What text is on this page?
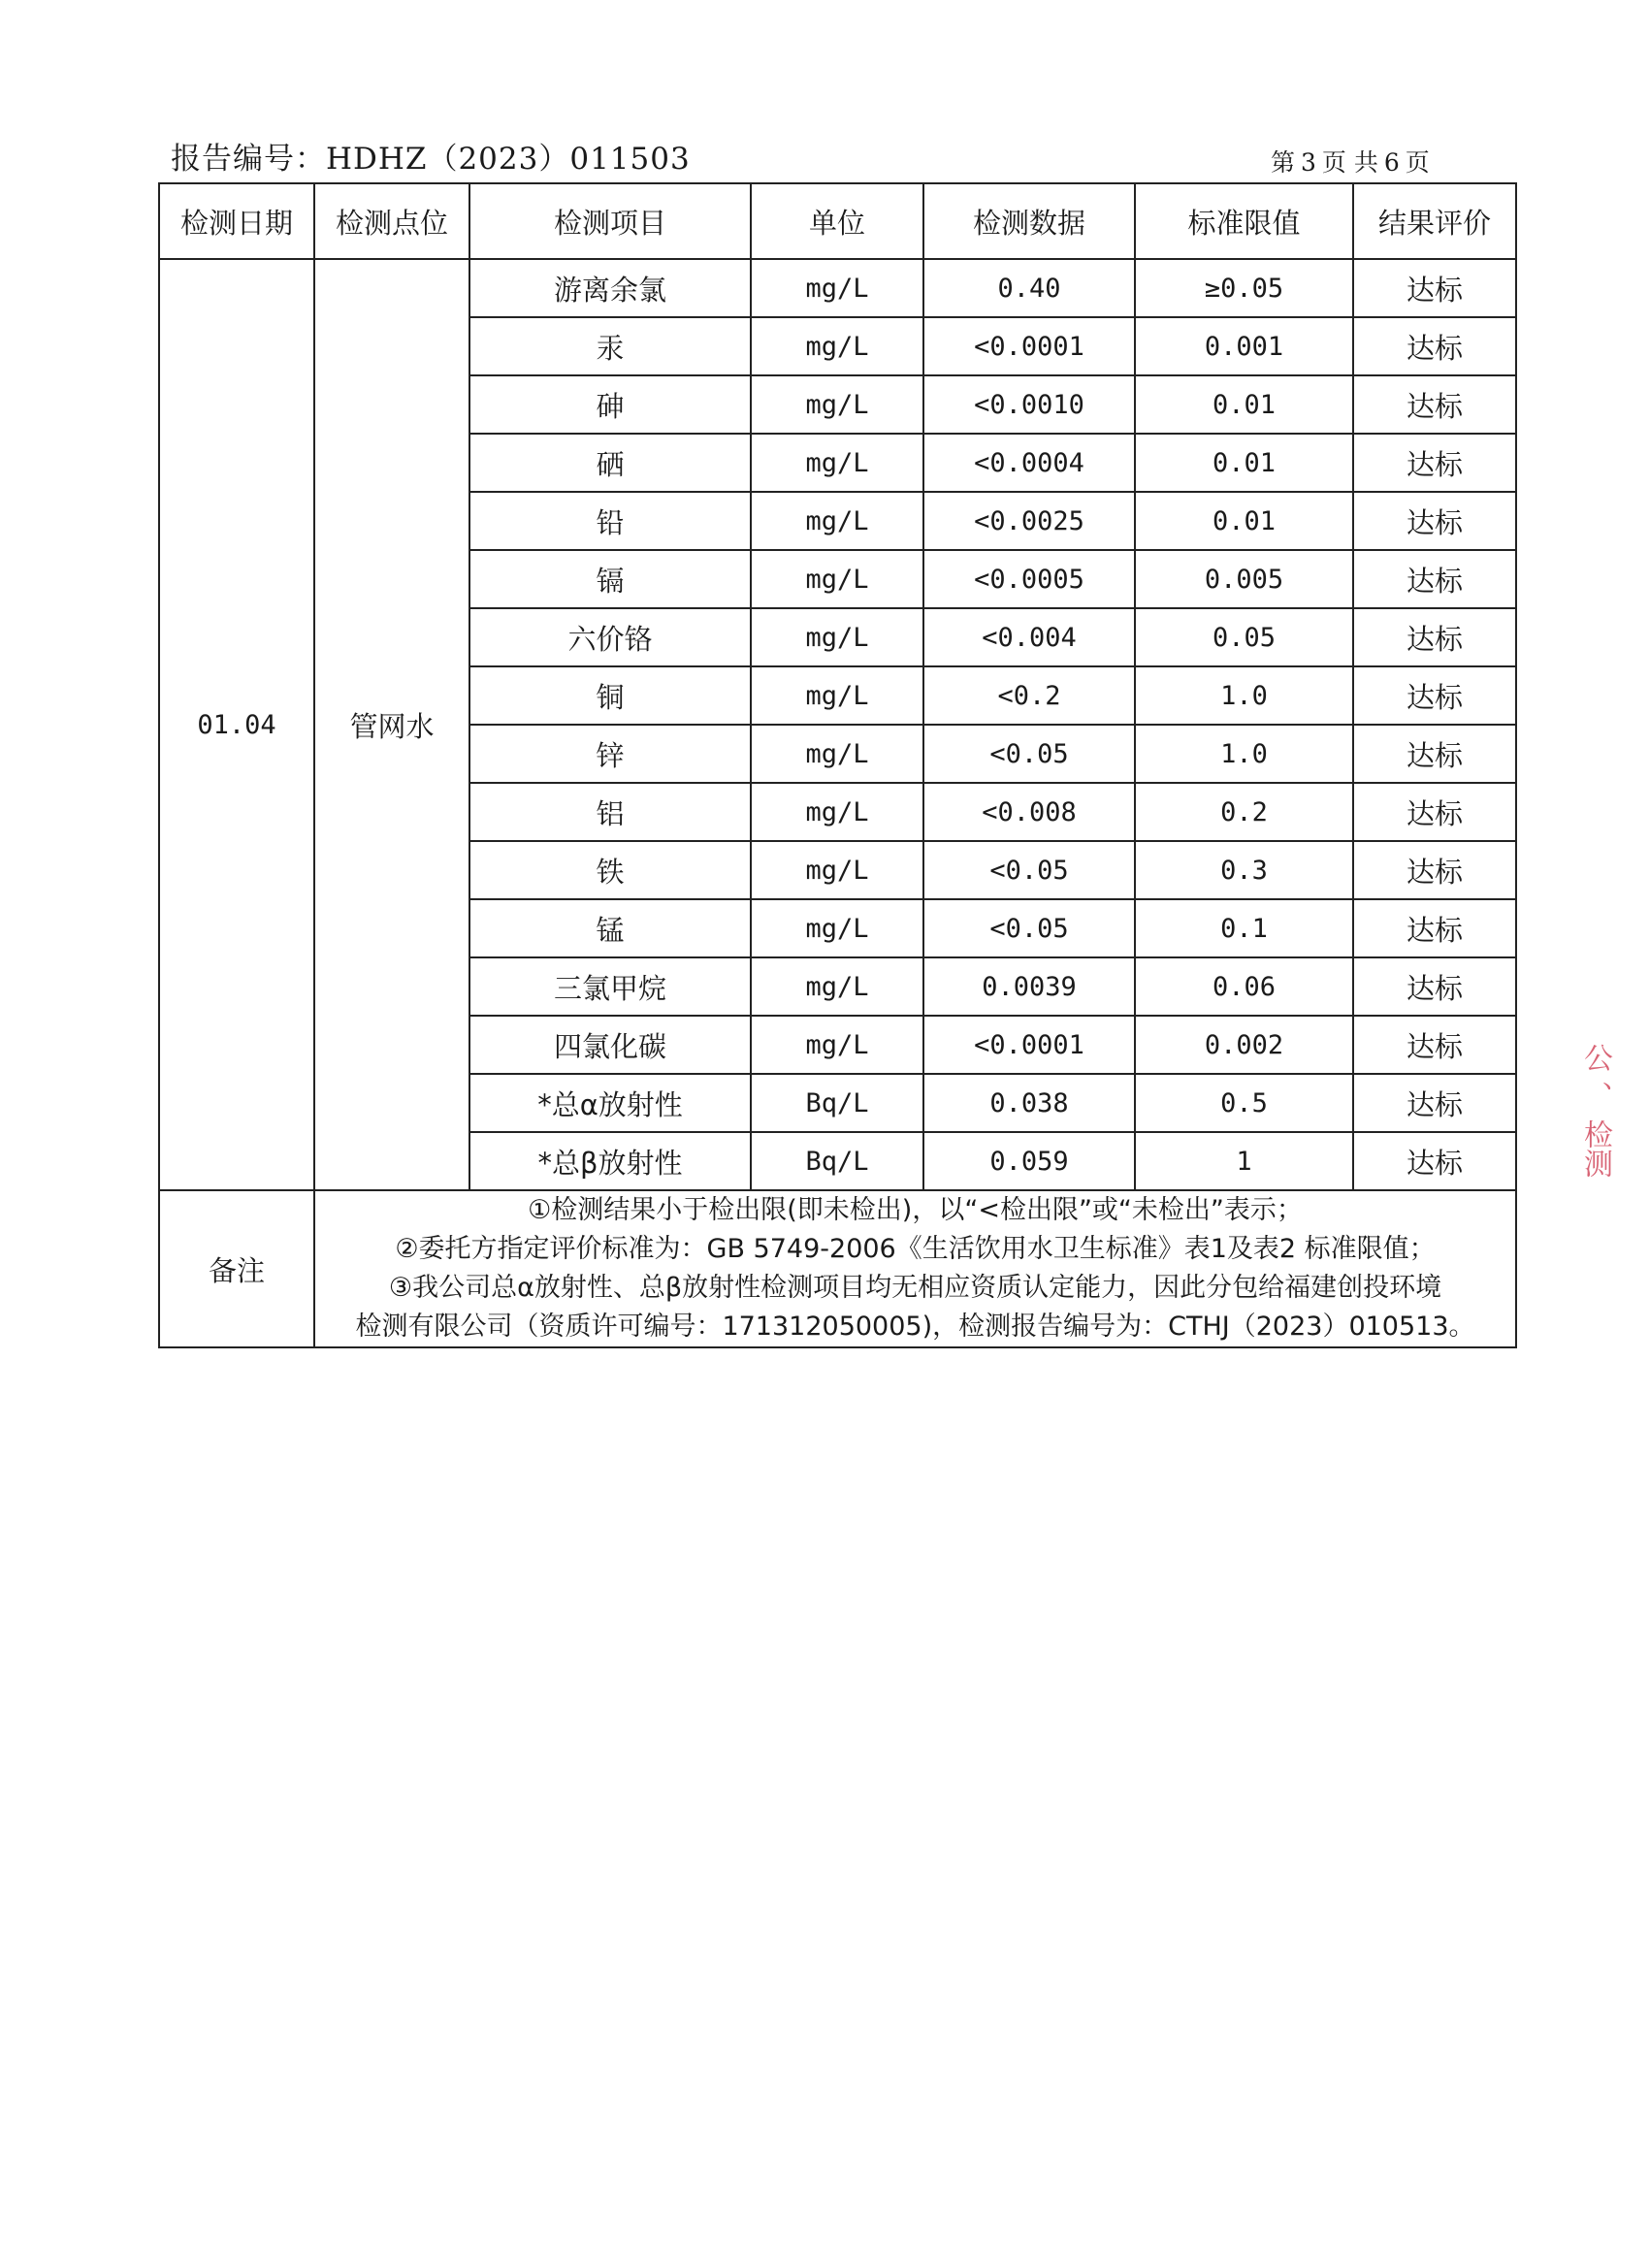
报告编号：HDHZ（2023）011503	第 3 页 共 6 页
检测日期	检测点位	检测项目	单位	检测数据	标准限值	结果评价
01.04	管网水	游离余氯	mg/L	0.40	≥0.05	达标
		汞	mg/L	<0.0001	0.001	达标
		砷	mg/L	<0.0010	0.01	达标
		硒	mg/L	<0.0004	0.01	达标
		铅	mg/L	<0.0025	0.01	达标
		镉	mg/L	<0.0005	0.005	达标
		六价铬	mg/L	<0.004	0.05	达标
		铜	mg/L	<0.2	1.0	达标
		锌	mg/L	<0.05	1.0	达标
		铝	mg/L	<0.008	0.2	达标
		铁	mg/L	<0.05	0.3	达标
		锰	mg/L	<0.05	0.1	达标
		三氯甲烷	mg/L	0.0039	0.06	达标
		四氯化碳	mg/L	<0.0001	0.002	达标
		*总α放射性	Bq/L	0.038	0.5	达标
		*总β放射性	Bq/L	0.059	1	达标
备注	①检测结果小于检出限(即未检出)，以“<检出限”或“未检出”表示；
②委托方指定评价标准为：GB 5749-2006《生活饮用水卫生标准》表1及表2 标准限值；
③我公司总α放射性、总β放射性检测项目均无相应资质认定能力，因此分包给福建创投环境
检测有限公司（资质许可编号：171312050005)，检测报告编号为：CTHJ（2023）010513。					
公 、 检测
